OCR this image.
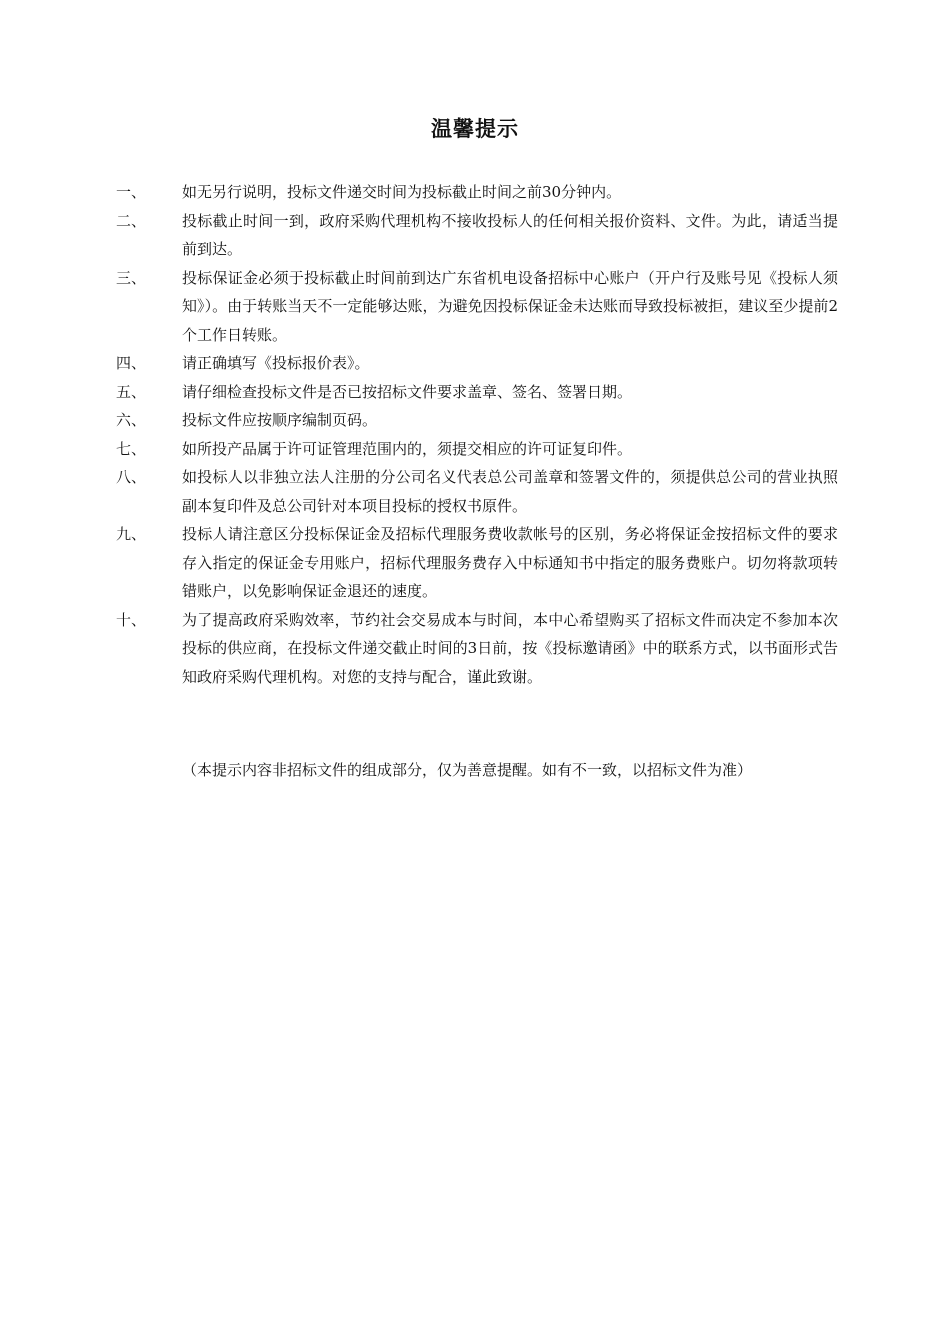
温馨提示
一、	如无另行说明，投标文件递交时间为投标截止时间之前30分钟内。
二、	投标截止时间一到，政府采购代理机构不接收投标人的任何相关报价资料、文件。为此，请适当提前到达。
三、	投标保证金必须于投标截止时间前到达广东省机电设备招标中心账户（开户行及账号见《投标人须知》）。由于转账当天不一定能够达账，为避免因投标保证金未达账而导致投标被拒，建议至少提前2个工作日转账。
四、	请正确填写《投标报价表》。
五、	请仔细检查投标文件是否已按招标文件要求盖章、签名、签署日期。
六、	投标文件应按顺序编制页码。
七、	如所投产品属于许可证管理范围内的，须提交相应的许可证复印件。
八、	如投标人以非独立法人注册的分公司名义代表总公司盖章和签署文件的，须提供总公司的营业执照副本复印件及总公司针对本项目投标的授权书原件。
九、	投标人请注意区分投标保证金及招标代理服务费收款帐号的区别，务必将保证金按招标文件的要求存入指定的保证金专用账户，招标代理服务费存入中标通知书中指定的服务费账户。切勿将款项转错账户，以免影响保证金退还的速度。
十、	为了提高政府采购效率，节约社会交易成本与时间，本中心希望购买了招标文件而决定不参加本次投标的供应商，在投标文件递交截止时间的3日前，按《投标邀请函》中的联系方式，以书面形式告知政府采购代理机构。对您的支持与配合，谨此致谢。
（本提示内容非招标文件的组成部分，仅为善意提醒。如有不一致，以招标文件为准）
